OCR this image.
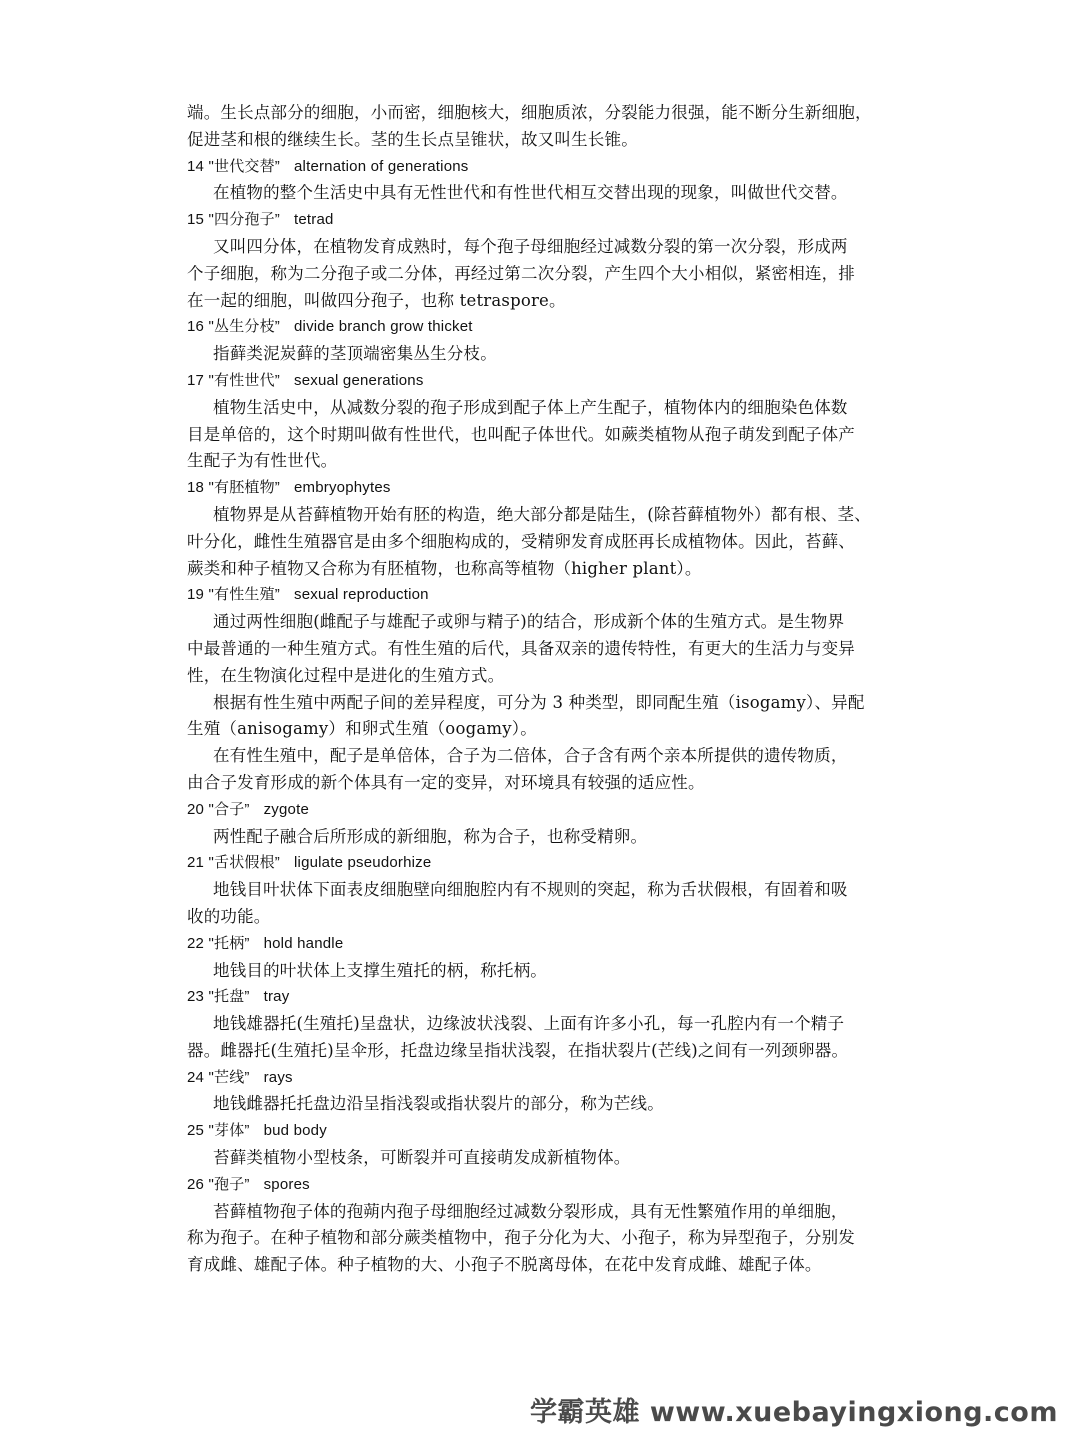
端。生长点部分的细胞，小而密，细胞核大，细胞质浓，分裂能力很强，能不断分生新细胞，
促进茎和根的继续生长。茎的生长点呈锥状，故又叫生长锥。
14 "世代交替” alternation of generations
在植物的整个生活史中具有无性世代和有性世代相互交替出现的现象，叫做世代交替。
15 "四分孢子” tetrad
又叫四分体，在植物发育成熟时，每个孢子母细胞经过减数分裂的第一次分裂，形成两
个子细胞，称为二分孢子或二分体，再经过第二次分裂，产生四个大小相似，紧密相连，排
在一起的细胞，叫做四分孢子，也称 tetraspore。
16 "丛生分枝” divide branch grow thicket
指藓类泥炭藓的茎顶端密集丛生分枝。
17 "有性世代” sexual generations
植物生活史中，从减数分裂的孢子形成到配子体上产生配子，植物体内的细胞染色体数
目是单倍的，这个时期叫做有性世代，也叫配子体世代。如蕨类植物从孢子萌发到配子体产
生配子为有性世代。
18 "有胚植物” embryophytes
植物界是从苔藓植物开始有胚的构造，绝大部分都是陆生，(除苔藓植物外）都有根、茎、
叶分化，雌性生殖器官是由多个细胞构成的，受精卵发育成胚再长成植物体。因此，苔藓、
蕨类和种子植物又合称为有胚植物，也称高等植物（higher plant）。
19 "有性生殖” sexual reproduction
通过两性细胞(雌配子与雄配子或卵与精子)的结合，形成新个体的生殖方式。是生物界
中最普通的一种生殖方式。有性生殖的后代，具备双亲的遗传特性，有更大的生活力与变异
性，在生物演化过程中是进化的生殖方式。
根据有性生殖中两配子间的差异程度，可分为 3 种类型，即同配生殖（isogamy）、异配
生殖（anisogamy）和卵式生殖（oogamy）。
在有性生殖中，配子是单倍体，合子为二倍体，合子含有两个亲本所提供的遗传物质，
由合子发育形成的新个体具有一定的变异，对环境具有较强的适应性。
20 "合子” zygote
两性配子融合后所形成的新细胞，称为合子，也称受精卵。
21 "舌状假根” ligulate pseudorhize
地钱目叶状体下面表皮细胞壁向细胞腔内有不规则的突起，称为舌状假根，有固着和吸
收的功能。
22 "托柄” hold handle
地钱目的叶状体上支撑生殖托的柄，称托柄。
23 "托盘” tray
地钱雄器托(生殖托)呈盘状，边缘波状浅裂、上面有许多小孔，每一孔腔内有一个精子
器。雌器托(生殖托)呈伞形，托盘边缘呈指状浅裂，在指状裂片(芒线)之间有一列颈卵器。
24 "芒线” rays
地钱雌器托托盘边沿呈指浅裂或指状裂片的部分，称为芒线。
25 "芽体” bud body
苔藓类植物小型枝条，可断裂并可直接萌发成新植物体。
26 "孢子” spores
苔藓植物孢子体的孢蒴内孢子母细胞经过减数分裂形成，具有无性繁殖作用的单细胞，
称为孢子。在种子植物和部分蕨类植物中，孢子分化为大、小孢子，称为异型孢子，分别发
育成雌、雄配子体。种子植物的大、小孢子不脱离母体，在花中发育成雌、雄配子体。
学霸英雄 www.xuebayingxiong.com
